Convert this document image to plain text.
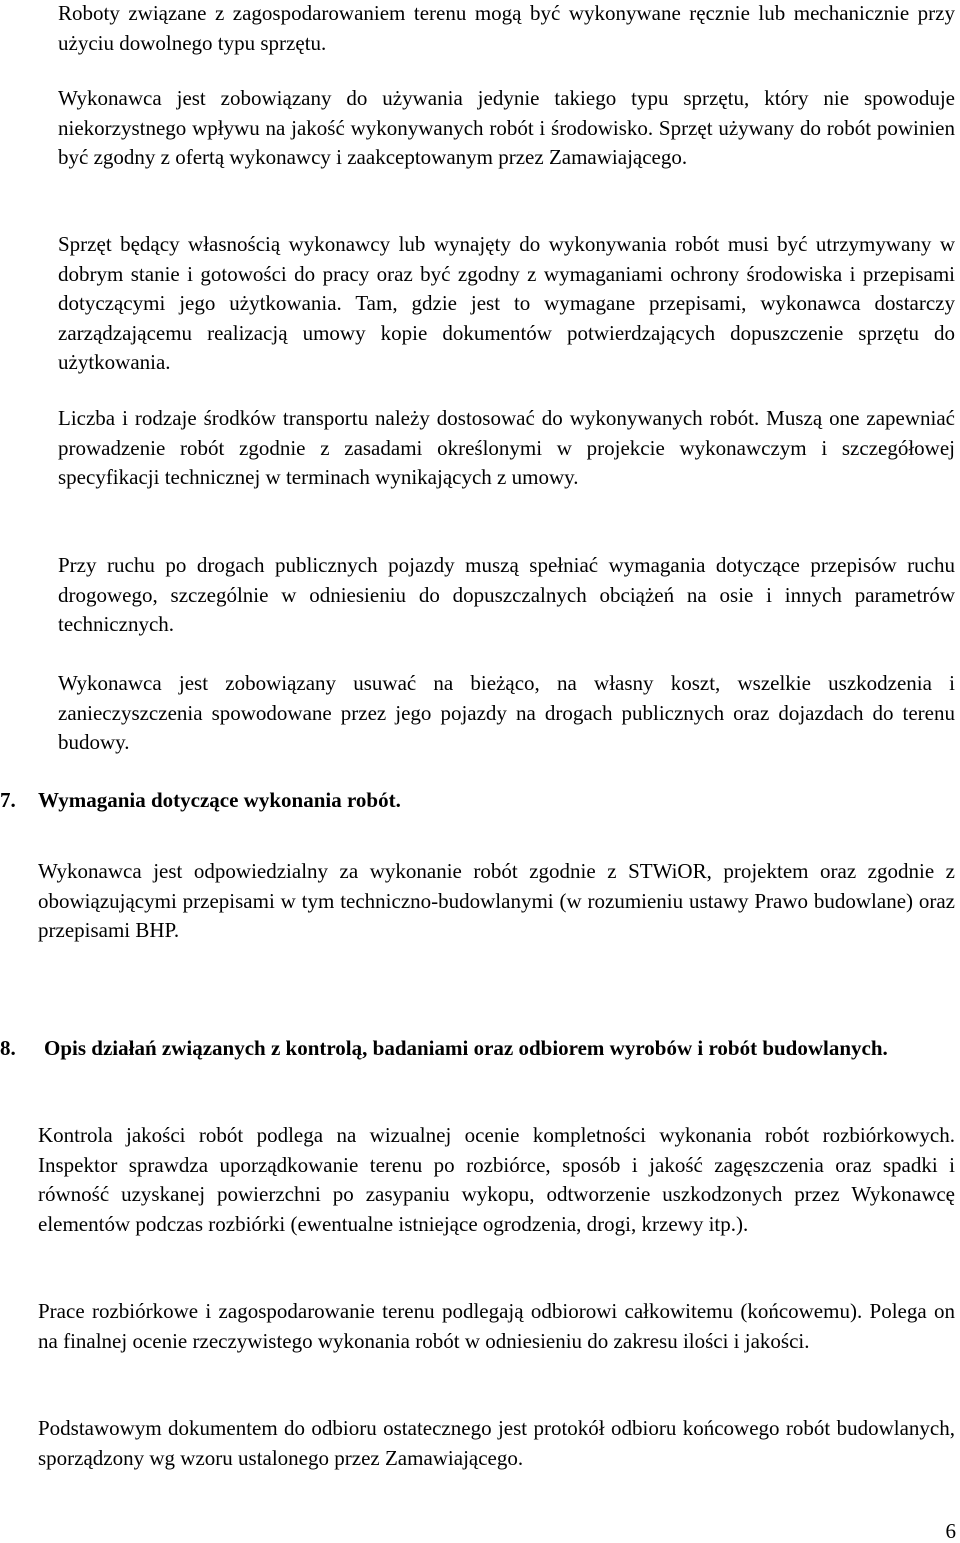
Roboty związane z zagospodarowaniem terenu mogą być wykonywane ręcznie lub mechanicznie przy użyciu dowolnego typu sprzętu.

Wykonawca jest zobowiązany do używania jedynie takiego typu sprzętu, który nie spowoduje niekorzystnego wpływu na jakość wykonywanych robót i środowisko. Sprzęt używany do robót powinien być zgodny z ofertą wykonawcy i zaakceptowanym przez Zamawiającego.

Sprzęt będący własnością wykonawcy lub wynajęty do wykonywania robót musi być utrzymywany w dobrym stanie i gotowości do pracy oraz być zgodny z wymaganiami ochrony środowiska i przepisami dotyczącymi jego użytkowania. Tam, gdzie jest to wymagane przepisami, wykonawca dostarczy zarządzającemu realizacją umowy kopie dokumentów potwierdzających dopuszczenie sprzętu do użytkowania.

Liczba i rodzaje środków transportu należy dostosować do wykonywanych robót. Muszą one zapewniać prowadzenie robót zgodnie z zasadami określonymi w projekcie wykonawczym i szczegółowej specyfikacji technicznej w terminach wynikających z umowy.

Przy ruchu po drogach publicznych pojazdy muszą spełniać wymagania dotyczące przepisów ruchu drogowego, szczególnie w odniesieniu do dopuszczalnych obciążeń na osie i innych parametrów technicznych.

Wykonawca jest zobowiązany usuwać na bieżąco, na własny koszt, wszelkie uszkodzenia i zanieczyszczenia spowodowane przez jego pojazdy na drogach publicznych oraz dojazdach do terenu budowy.

7. Wymagania dotyczące wykonania robót.

Wykonawca jest odpowiedzialny za wykonanie robót zgodnie z STWiOR, projektem oraz zgodnie z obowiązującymi przepisami w tym techniczno-budowlanymi (w rozumieniu ustawy Prawo budowlane) oraz przepisami BHP.

8. Opis działań związanych z kontrolą, badaniami oraz odbiorem wyrobów i robót budowlanych.

Kontrola jakości robót podlega na wizualnej ocenie kompletności wykonania robót rozbiórkowych. Inspektor sprawdza uporządkowanie terenu po rozbiórce, sposób i jakość zagęszczenia oraz spadki i równość uzyskanej powierzchni po zasypaniu wykopu, odtworzenie uszkodzonych przez Wykonawcę elementów podczas rozbiórki (ewentualne istniejące ogrodzenia, drogi, krzewy itp.).

Prace rozbiórkowe i zagospodarowanie terenu podlegają odbiorowi całkowitemu (końcowemu). Polega on na finalnej ocenie rzeczywistego wykonania robót w odniesieniu do zakresu ilości i jakości.

Podstawowym dokumentem do odbioru ostatecznego jest protokół odbioru końcowego robót budowlanych, sporządzony wg wzoru ustalonego przez Zamawiającego.

6
